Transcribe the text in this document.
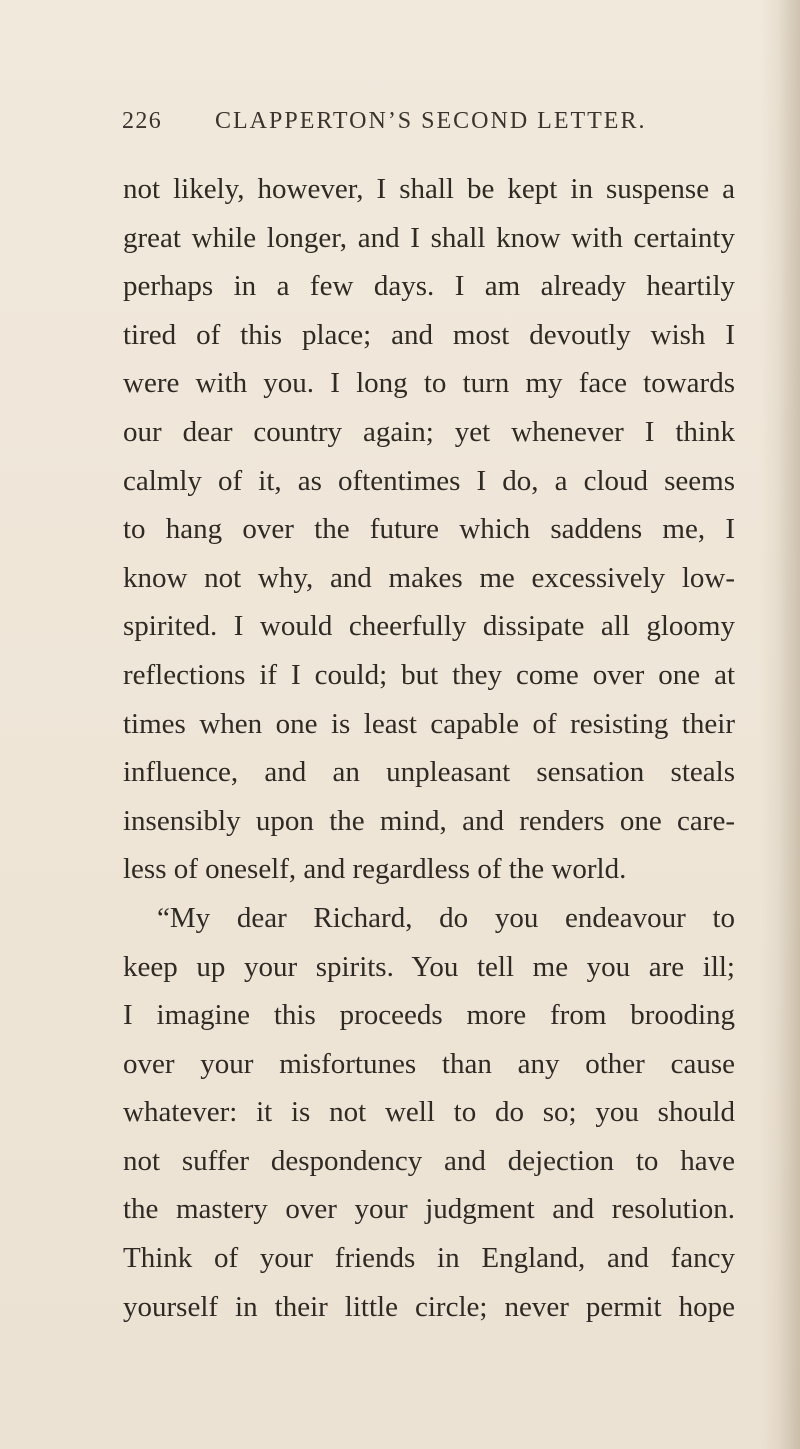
226	CLAPPERTON’S SECOND LETTER.
not likely, however, I shall be kept in suspense a
great while longer, and I shall know with certainty
perhaps in a few days. I am already heartily
tired of this place; and most devoutly wish I
were with you. I long to turn my face towards
our dear country again; yet whenever I think
calmly of it, as oftentimes I do, a cloud seems
to hang over the future which saddens me, I
know not why, and makes me excessively low-
spirited. I would cheerfully dissipate all gloomy
reflections if I could; but they come over one at
times when one is least capable of resisting their
influence, and an unpleasant sensation steals
insensibly upon the mind, and renders one care-
less of oneself, and regardless of the world.
“My dear Richard, do you endeavour to
keep up your spirits. You tell me you are ill;
I imagine this proceeds more from brooding
over your misfortunes than any other cause
whatever: it is not well to do so; you should
not suffer despondency and dejection to have
the mastery over your judgment and resolution.
Think of your friends in England, and fancy
yourself in their little circle; never permit hope
